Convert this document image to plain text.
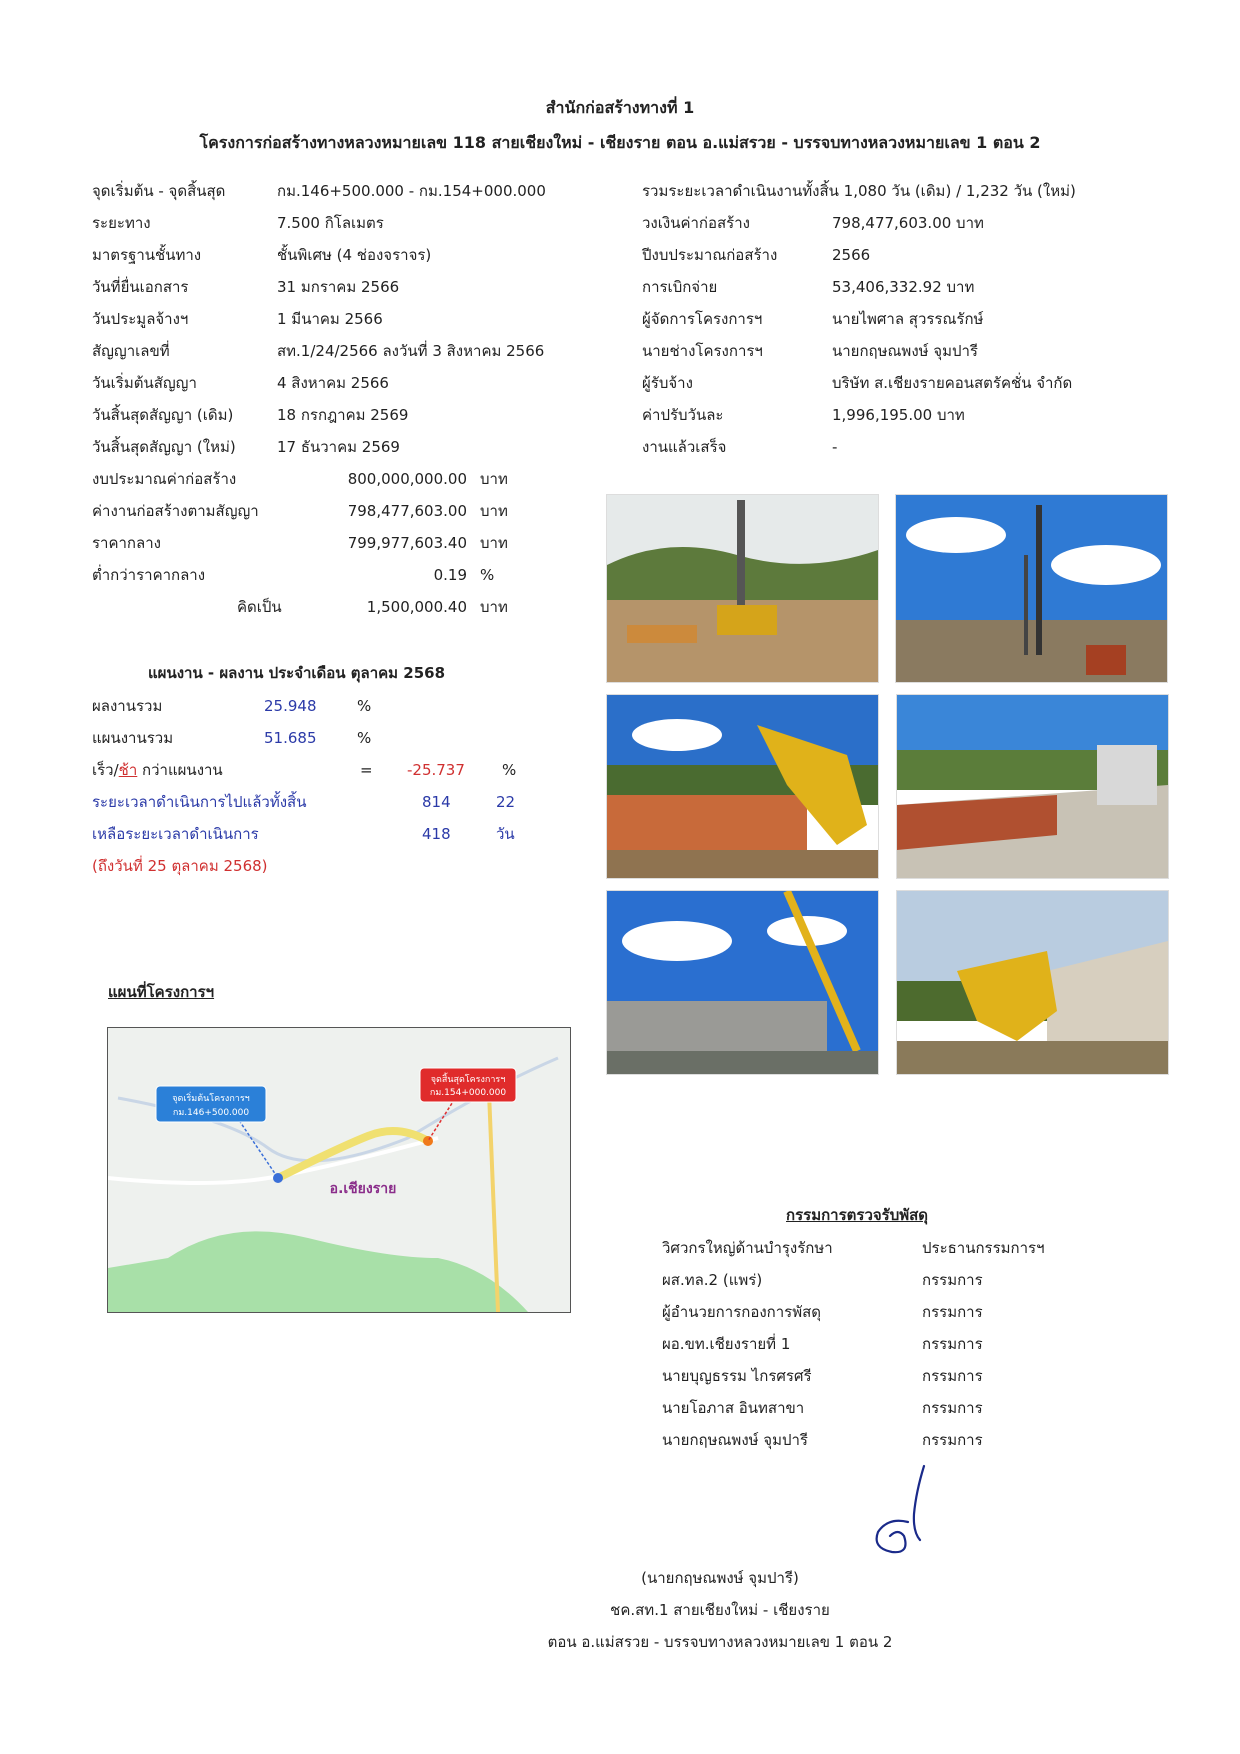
สำนักก่อสร้างทางที่ 1
โครงการก่อสร้างทางหลวงหมายเลข 118 สายเชียงใหม่ - เชียงราย ตอน อ.แม่สรวย - บรรจบทางหลวงหมายเลข 1 ตอน 2
จุดเริ่มต้น - จุดสิ้นสุด	กม.146+500.000 - กม.154+000.000
ระยะทาง	7.500 กิโลเมตร
มาตรฐานชั้นทาง	ชั้นพิเศษ (4 ช่องจราจร)
วันที่ยื่นเอกสาร	31 มกราคม 2566
วันประมูลจ้างฯ	1 มีนาคม 2566
สัญญาเลขที่	สท.1/24/2566 ลงวันที่ 3 สิงหาคม 2566
วันเริ่มต้นสัญญา	4 สิงหาคม 2566
วันสิ้นสุดสัญญา (เดิม)	18 กรกฎาคม 2569
วันสิ้นสุดสัญญา (ใหม่)	17 ธันวาคม 2569
งบประมาณค่าก่อสร้าง	800,000,000.00 บาท
ค่างานก่อสร้างตามสัญญา	798,477,603.00 บาท
ราคากลาง	799,977,603.40 บาท
ต่ำกว่าราคากลาง	0.19 %
คิดเป็น	1,500,000.40 บาท
รวมระยะเวลาดำเนินงานทั้งสิ้น 1,080 วัน (เดิม) / 1,232 วัน (ใหม่)
วงเงินค่าก่อสร้าง	798,477,603.00 บาท
ปีงบประมาณก่อสร้าง	2566
การเบิกจ่าย	53,406,332.92 บาท
ผู้จัดการโครงการฯ	นายไพศาล สุวรรณรักษ์
นายช่างโครงการฯ	นายกฤษณพงษ์ จุมปารี
ผู้รับจ้าง	บริษัท ส.เชียงรายคอนสตรัคชั่น จำกัด
ค่าปรับวันละ	1,996,195.00 บาท
งานแล้วเสร็จ	-
แผนงาน - ผลงาน ประจำเดือน ตุลาคม 2568
ผลงานรวม	25.948	%
แผนงานรวม	51.685	%
เร็ว/ช้า กว่าแผนงาน	= -25.737 %
ระยะเวลาดำเนินการไปแล้วทั้งสิ้น	814	22
เหลือระยะเวลาดำเนินการ	418	วัน
(ถึงวันที่ 25 ตุลาคม 2568)
แผนที่โครงการฯ
จุดเริ่มต้นโครงการฯ
กม.146+500.000
จุดสิ้นสุดโครงการฯ
กม.154+000.000
อ.เชียงราย
กรรมการตรวจรับพัสดุ
วิศวกรใหญ่ด้านบำรุงรักษา	ประธานกรรมการฯ
ผส.ทล.2 (แพร่)	กรรมการ
ผู้อำนวยการกองการพัสดุ	กรรมการ
ผอ.ขท.เชียงรายที่ 1	กรรมการ
นายบุญธรรม ไกรศรศรี	กรรมการ
นายโอภาส อินทสาขา	กรรมการ
นายกฤษณพงษ์ จุมปารี	กรรมการ
(นายกฤษณพงษ์ จุมปารี)
ชค.สท.1 สายเชียงใหม่ - เชียงราย
ตอน อ.แม่สรวย - บรรจบทางหลวงหมายเลข 1 ตอน 2
